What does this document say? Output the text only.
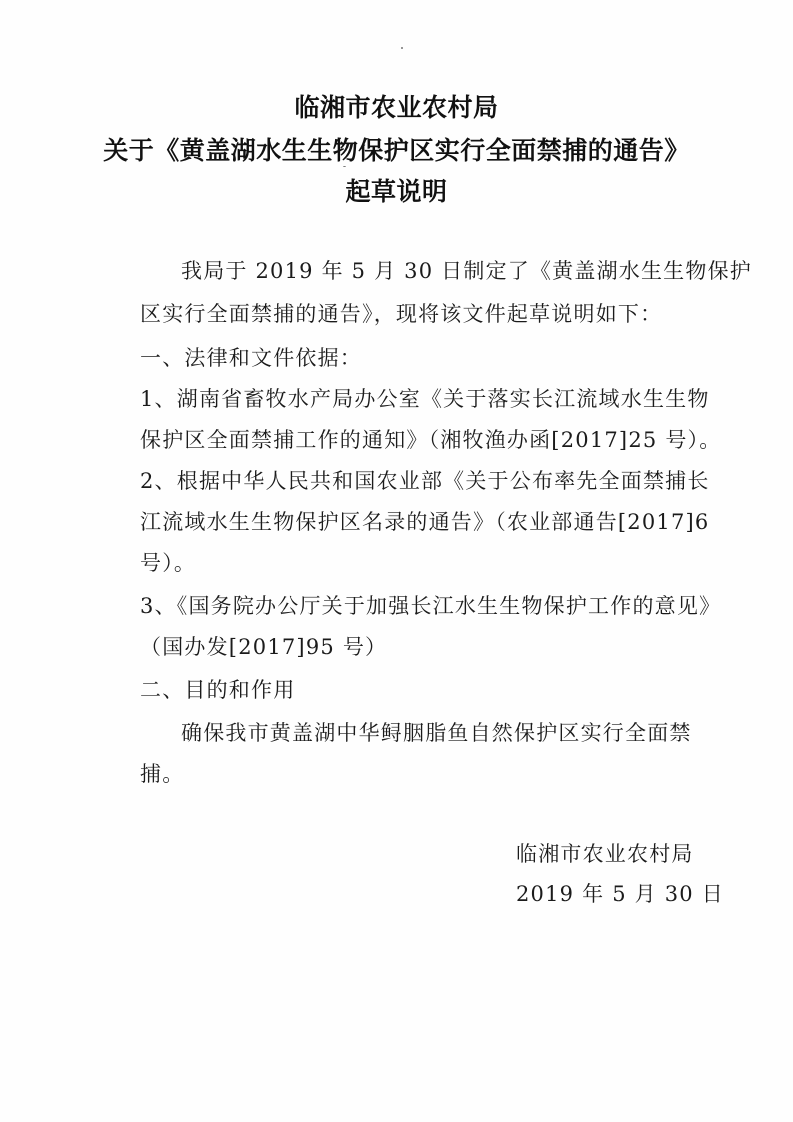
临湘市农业农村局
关于《黄盖湖水生生物保护区实行全面禁捕的通告》
起草说明
我局于 2019 年 5 月 30 日制定了《黄盖湖水生生物保护
区实行全面禁捕的通告》，现将该文件起草说明如下：
一、法律和文件依据：
1、湖南省畜牧水产局办公室《关于落实长江流域水生生物
保护区全面禁捕工作的通知》（湘牧渔办函[2017]25 号）。
2、根据中华人民共和国农业部《关于公布率先全面禁捕长
江流域水生生物保护区名录的通告》（农业部通告[2017]6
号）。
3、《国务院办公厅关于加强长江水生生物保护工作的意见》
（国办发[2017]95 号）
二、目的和作用
确保我市黄盖湖中华鲟胭脂鱼自然保护区实行全面禁
捕。
临湘市农业农村局
2019 年 5 月 30 日
